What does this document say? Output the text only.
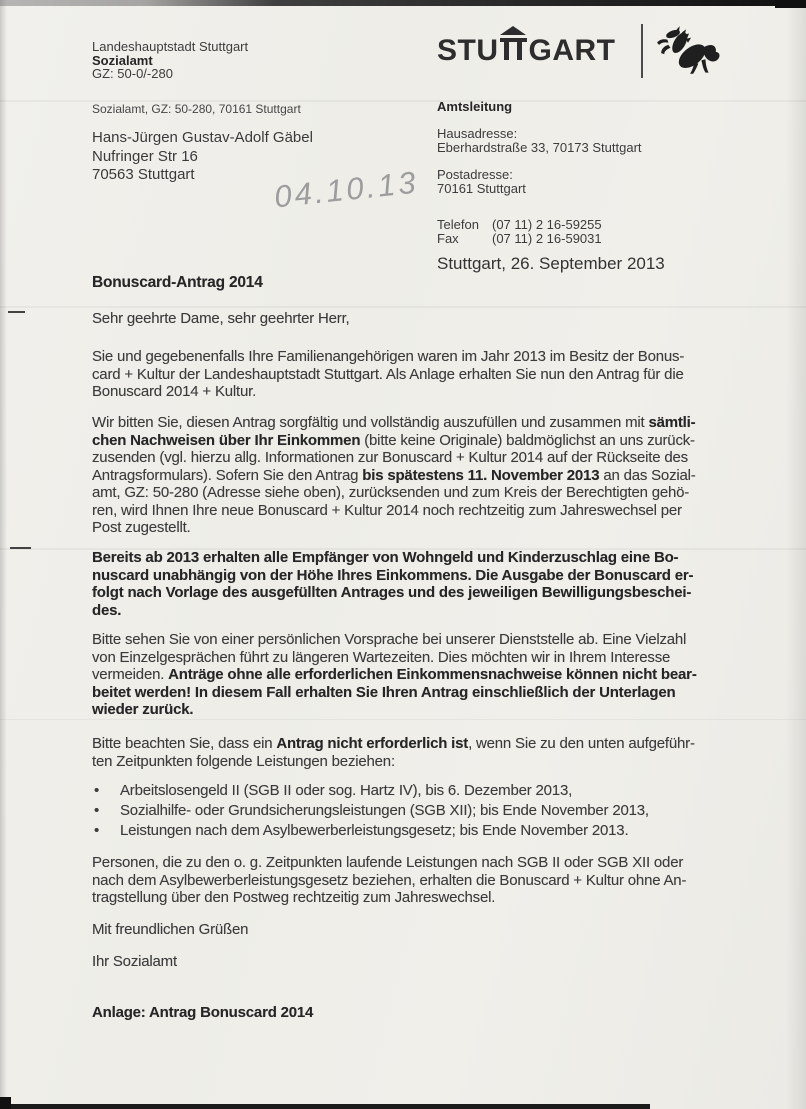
Landeshauptstadt Stuttgart
Sozialamt
GZ: 50-0/-280
STU GART
Sozialamt, GZ: 50-280, 70161 Stuttgart
Hans-Jürgen Gustav-Adolf Gäbel
Nufringer Str 16
70563 Stuttgart	04.10.13
Amtsleitung
Hausadresse:
Eberhardstraße 33, 70173 Stuttgart
Postadresse:
70161 Stuttgart
Telefon	(07 11) 2 16-59255
Fax	(07 11) 2 16-59031
Stuttgart, 26. September 2013
Bonuscard-Antrag 2014
Sehr geehrte Dame, sehr geehrter Herr,
Sie und gegebenenfalls Ihre Familienangehörigen waren im Jahr 2013 im Besitz der Bonus-
card + Kultur der Landeshauptstadt Stuttgart. Als Anlage erhalten Sie nun den Antrag für die
Bonuscard 2014 + Kultur.
Wir bitten Sie, diesen Antrag sorgfältig und vollständig auszufüllen und zusammen mit sämtli-
chen Nachweisen über Ihr Einkommen (bitte keine Originale) baldmöglichst an uns zurück-
zusenden (vgl. hierzu allg. Informationen zur Bonuscard + Kultur 2014 auf der Rückseite des
Antragsformulars). Sofern Sie den Antrag bis spätestens 11. November 2013 an das Sozial-
amt, GZ: 50-280 (Adresse siehe oben), zurücksenden und zum Kreis der Berechtigten gehö-
ren, wird Ihnen Ihre neue Bonuscard + Kultur 2014 noch rechtzeitig zum Jahreswechsel per
Post zugestellt.
Bereits ab 2013 erhalten alle Empfänger von Wohngeld und Kinderzuschlag eine Bo-
nuscard unabhängig von der Höhe Ihres Einkommens. Die Ausgabe der Bonuscard er-
folgt nach Vorlage des ausgefüllten Antrages und des jeweiligen Bewilligungsbeschei-
des.
Bitte sehen Sie von einer persönlichen Vorsprache bei unserer Dienststelle ab. Eine Vielzahl
von Einzelgesprächen führt zu längeren Wartezeiten. Dies möchten wir in Ihrem Interesse
vermeiden. Anträge ohne alle erforderlichen Einkommensnachweise können nicht bear-
beitet werden! In diesem Fall erhalten Sie Ihren Antrag einschließlich der Unterlagen
wieder zurück.
Bitte beachten Sie, dass ein Antrag nicht erforderlich ist, wenn Sie zu den unten aufgeführ-
ten Zeitpunkten folgende Leistungen beziehen:
• Arbeitslosengeld II (SGB II oder sog. Hartz IV), bis 6. Dezember 2013,
• Sozialhilfe- oder Grundsicherungsleistungen (SGB XII); bis Ende November 2013,
• Leistungen nach dem Asylbewerberleistungsgesetz; bis Ende November 2013.
Personen, die zu den o. g. Zeitpunkten laufende Leistungen nach SGB II oder SGB XII oder
nach dem Asylbewerberleistungsgesetz beziehen, erhalten die Bonuscard + Kultur ohne An-
tragstellung über den Postweg rechtzeitig zum Jahreswechsel.
Mit freundlichen Grüßen
Ihr Sozialamt
Anlage: Antrag Bonuscard 2014
